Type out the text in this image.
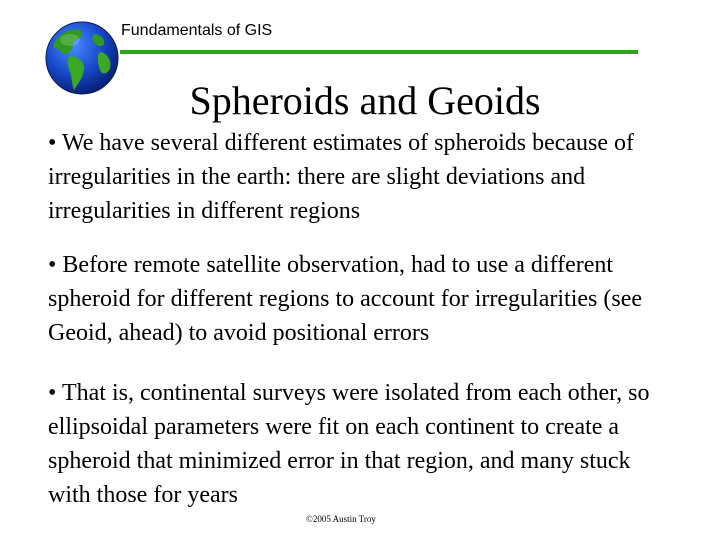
Fundamentals of GIS
Spheroids and Geoids

• We have several different estimates of spheroids because of irregularities in the earth: there are slight deviations and irregularities in different regions

• Before remote satellite observation, had to use a different spheroid for different regions to account for irregularities (see Geoid, ahead) to avoid positional errors

• That is, continental surveys were isolated from each other, so ellipsoidal parameters were fit on each continent to create a spheroid that minimized error in that region, and many stuck with those for years

©2005 Austin Troy
